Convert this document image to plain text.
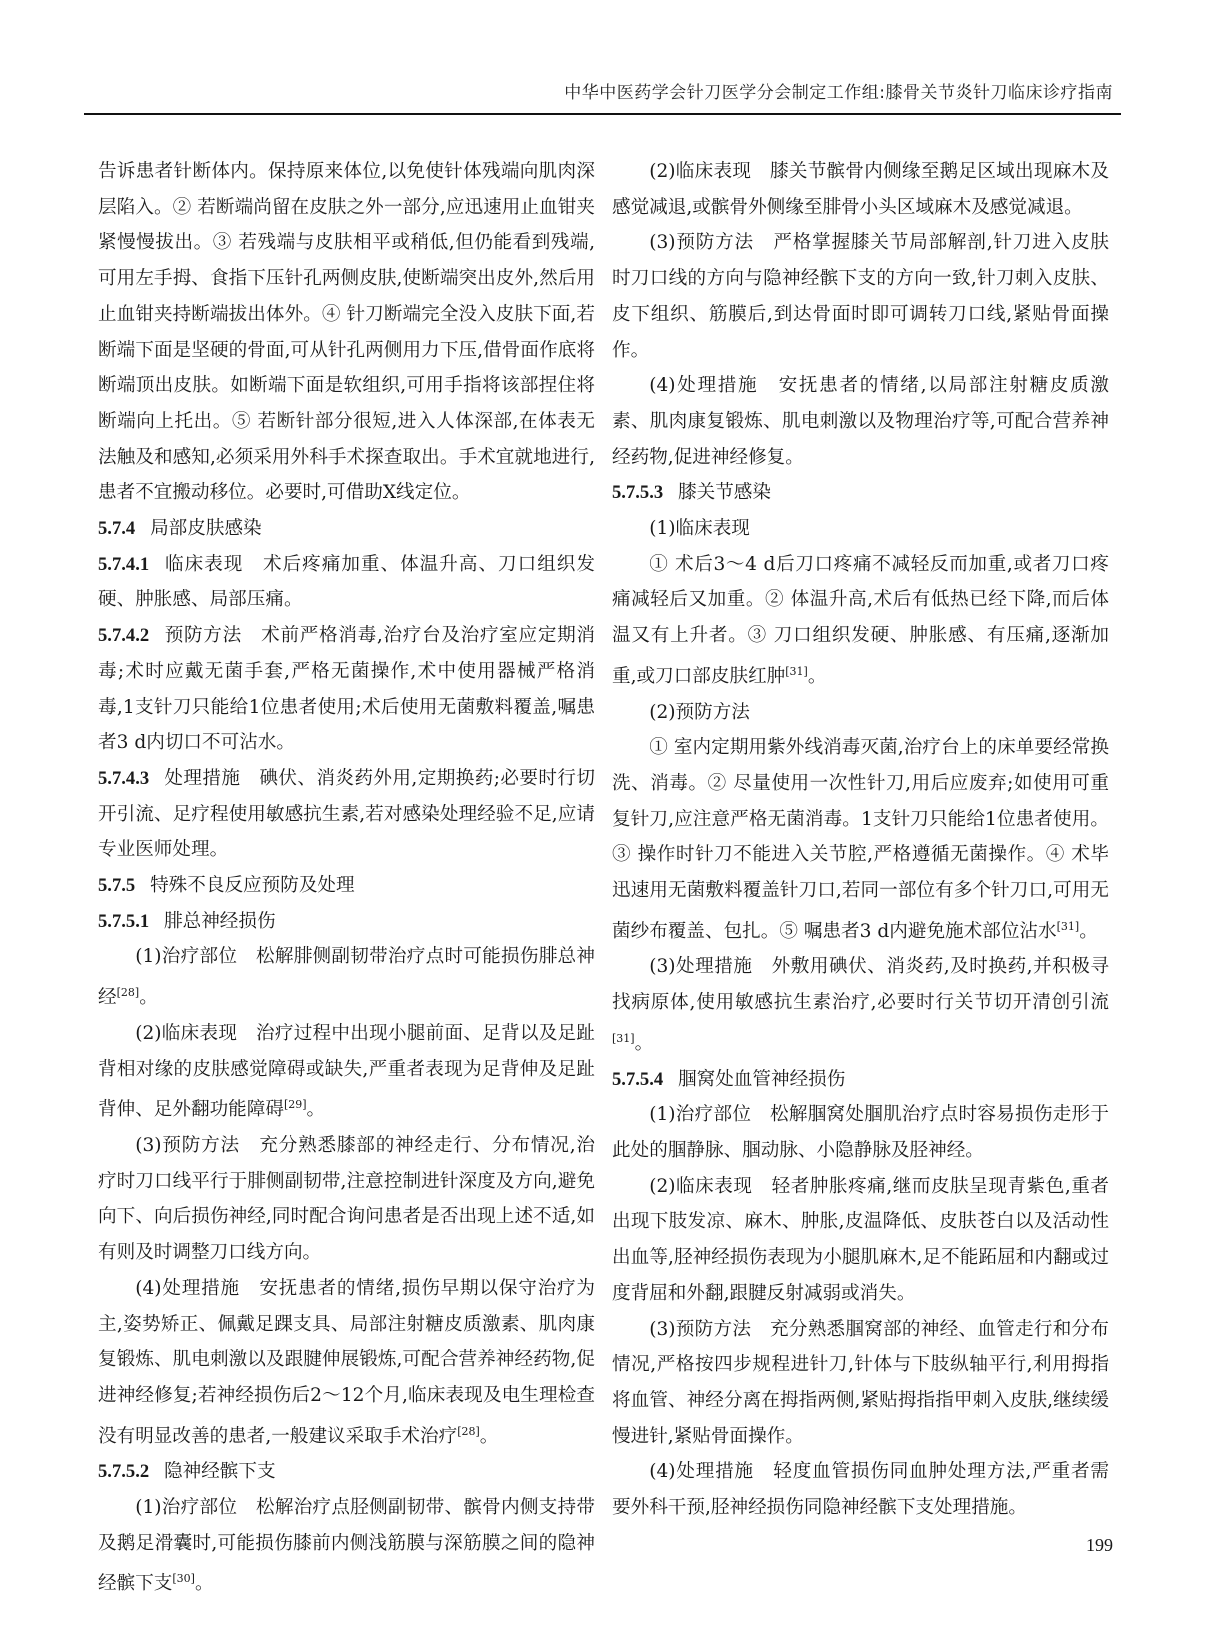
中华中医药学会针刀医学分会制定工作组:膝骨关节炎针刀临床诊疗指南

告诉患者针断体内。保持原来体位,以免使针体残端向肌肉深层陷入。② 若断端尚留在皮肤之外一部分,应迅速用止血钳夹紧慢慢拔出。③ 若残端与皮肤相平或稍低,但仍能看到残端,可用左手拇、食指下压针孔两侧皮肤,使断端突出皮外,然后用止血钳夹持断端拔出体外。④ 针刀断端完全没入皮肤下面,若断端下面是坚硬的骨面,可从针孔两侧用力下压,借骨面作底将断端顶出皮肤。如断端下面是软组织,可用手指将该部捏住将断端向上托出。⑤ 若断针部分很短,进入人体深部,在体表无法触及和感知,必须采用外科手术探查取出。手术宜就地进行,患者不宜搬动移位。必要时,可借助X线定位。

5.7.4 局部皮肤感染

5.7.4.1 临床表现　术后疼痛加重、体温升高、刀口组织发硬、肿胀感、局部压痛。

5.7.4.2 预防方法　术前严格消毒,治疗台及治疗室应定期消毒;术时应戴无菌手套,严格无菌操作,术中使用器械严格消毒,1支针刀只能给1位患者使用;术后使用无菌敷料覆盖,嘱患者3 d内切口不可沾水。

5.7.4.3 处理措施　碘伏、消炎药外用,定期换药;必要时行切开引流、足疗程使用敏感抗生素,若对感染处理经验不足,应请专业医师处理。

5.7.5 特殊不良反应预防及处理

5.7.5.1 腓总神经损伤

(1)治疗部位　松解腓侧副韧带治疗点时可能损伤腓总神经[28]。

(2)临床表现　治疗过程中出现小腿前面、足背以及足趾背相对缘的皮肤感觉障碍或缺失,严重者表现为足背伸及足趾背伸、足外翻功能障碍[29]。

(3)预防方法　充分熟悉膝部的神经走行、分布情况,治疗时刀口线平行于腓侧副韧带,注意控制进针深度及方向,避免向下、向后损伤神经,同时配合询问患者是否出现上述不适,如有则及时调整刀口线方向。

(4)处理措施　安抚患者的情绪,损伤早期以保守治疗为主,姿势矫正、佩戴足踝支具、局部注射糖皮质激素、肌肉康复锻炼、肌电刺激以及跟腱伸展锻炼,可配合营养神经药物,促进神经修复;若神经损伤后2～12个月,临床表现及电生理检查没有明显改善的患者,一般建议采取手术治疗[28]。

5.7.5.2 隐神经髌下支

(1)治疗部位　松解治疗点胫侧副韧带、髌骨内侧支持带及鹅足滑囊时,可能损伤膝前内侧浅筋膜与深筋膜之间的隐神经髌下支[30]。

(2)临床表现　膝关节髌骨内侧缘至鹅足区域出现麻木及感觉减退,或髌骨外侧缘至腓骨小头区域麻木及感觉减退。

(3)预防方法　严格掌握膝关节局部解剖,针刀进入皮肤时刀口线的方向与隐神经髌下支的方向一致,针刀刺入皮肤、皮下组织、筋膜后,到达骨面时即可调转刀口线,紧贴骨面操作。

(4)处理措施　安抚患者的情绪,以局部注射糖皮质激素、肌肉康复锻炼、肌电刺激以及物理治疗等,可配合营养神经药物,促进神经修复。

5.7.5.3 膝关节感染

(1)临床表现

① 术后3～4 d后刀口疼痛不减轻反而加重,或者刀口疼痛减轻后又加重。② 体温升高,术后有低热已经下降,而后体温又有上升者。③ 刀口组织发硬、肿胀感、有压痛,逐渐加重,或刀口部皮肤红肿[31]。

(2)预防方法

① 室内定期用紫外线消毒灭菌,治疗台上的床单要经常换洗、消毒。② 尽量使用一次性针刀,用后应废弃;如使用可重复针刀,应注意严格无菌消毒。1支针刀只能给1位患者使用。③ 操作时针刀不能进入关节腔,严格遵循无菌操作。④ 术毕迅速用无菌敷料覆盖针刀口,若同一部位有多个针刀口,可用无菌纱布覆盖、包扎。⑤ 嘱患者3 d内避免施术部位沾水[31]。

(3)处理措施　外敷用碘伏、消炎药,及时换药,并积极寻找病原体,使用敏感抗生素治疗,必要时行关节切开清创引流[31]。

5.7.5.4 腘窝处血管神经损伤

(1)治疗部位　松解腘窝处腘肌治疗点时容易损伤走形于此处的腘静脉、腘动脉、小隐静脉及胫神经。

(2)临床表现　轻者肿胀疼痛,继而皮肤呈现青紫色,重者出现下肢发凉、麻木、肿胀,皮温降低、皮肤苍白以及活动性出血等,胫神经损伤表现为小腿肌麻木,足不能跖屈和内翻或过度背屈和外翻,跟腱反射减弱或消失。

(3)预防方法　充分熟悉腘窝部的神经、血管走行和分布情况,严格按四步规程进针刀,针体与下肢纵轴平行,利用拇指将血管、神经分离在拇指两侧,紧贴拇指指甲刺入皮肤,继续缓慢进针,紧贴骨面操作。

(4)处理措施　轻度血管损伤同血肿处理方法,严重者需要外科干预,胫神经损伤同隐神经髌下支处理措施。

199
